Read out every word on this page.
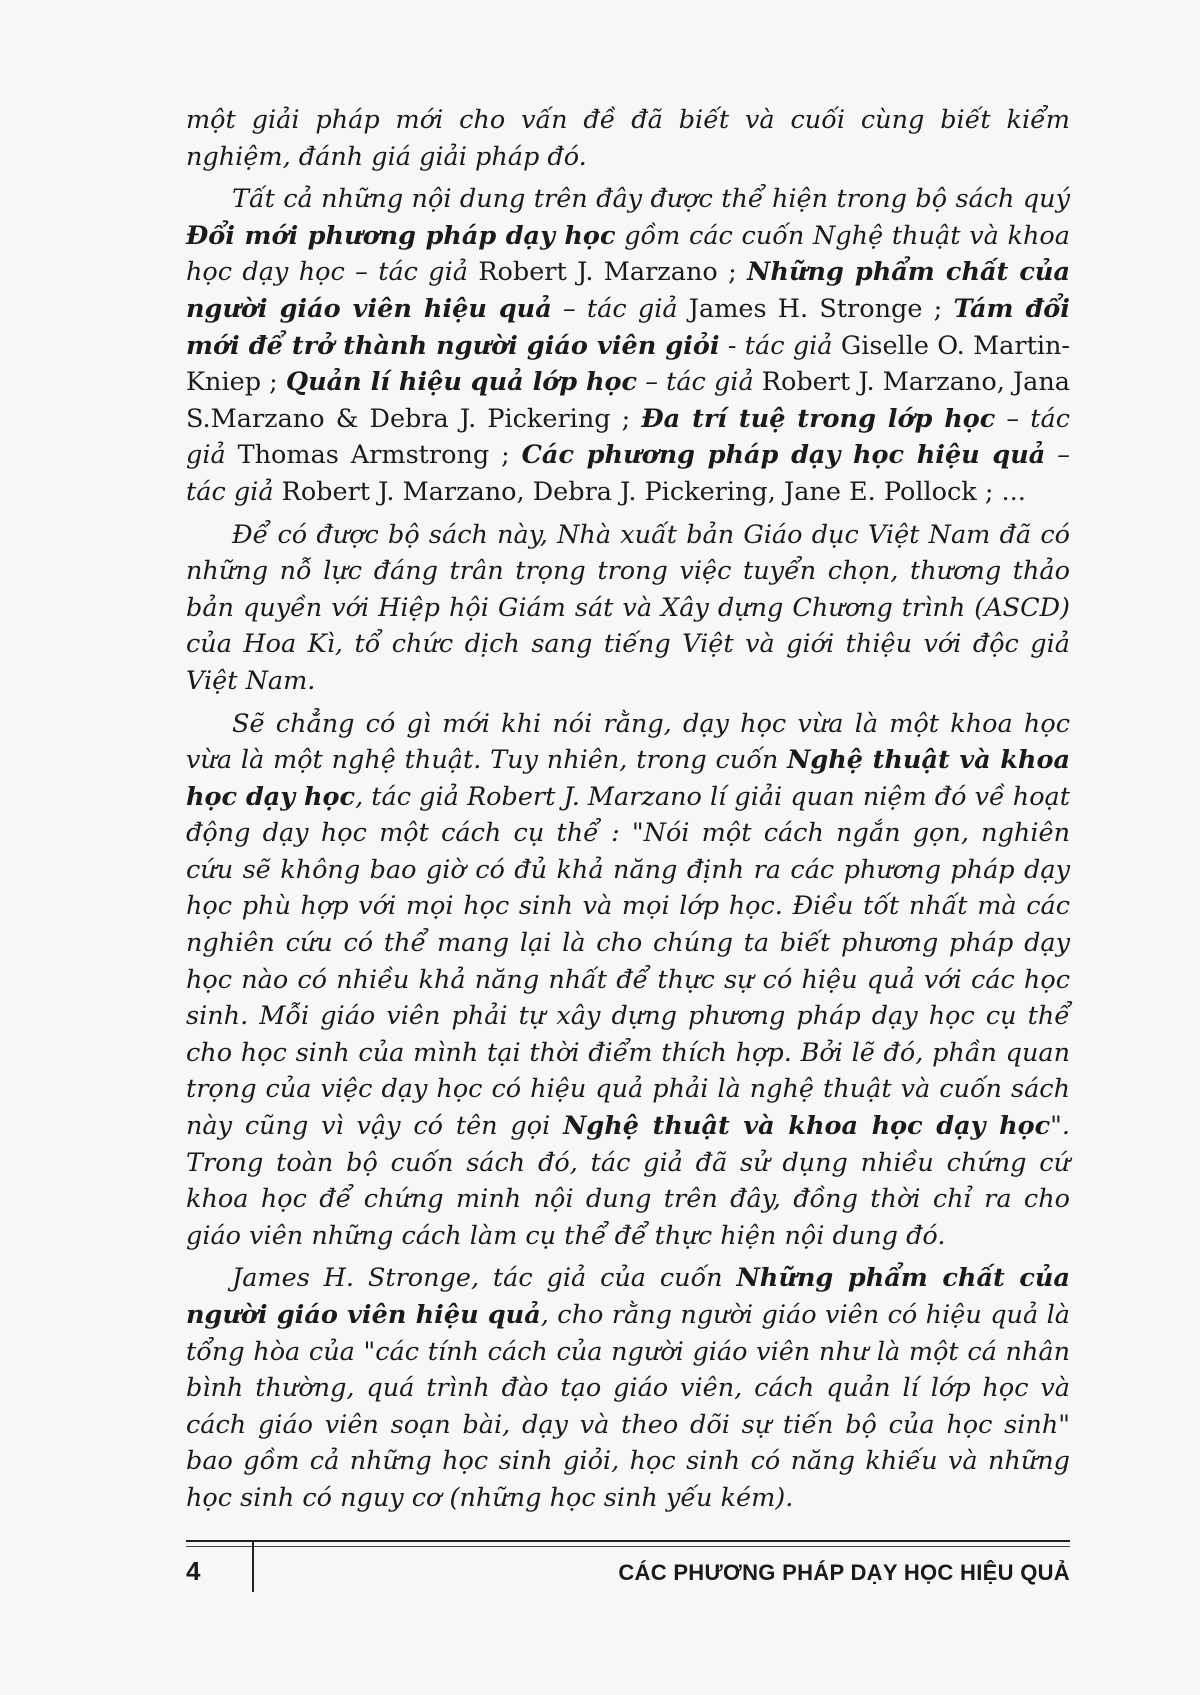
một giải pháp mới cho vấn đề đã biết và cuối cùng biết kiểm nghiệm, đánh giá giải pháp đó.

Tất cả những nội dung trên đây được thể hiện trong bộ sách quý Đổi mới phương pháp dạy học gồm các cuốn Nghệ thuật và khoa học dạy học – tác giả Robert J. Marzano ; Những phẩm chất của người giáo viên hiệu quả – tác giả James H. Stronge ; Tám đổi mới để trở thành người giáo viên giỏi - tác giả Giselle O. Martin-Kniep ; Quản lí hiệu quả lớp học – tác giả Robert J. Marzano, Jana S.Marzano & Debra J. Pickering ; Đa trí tuệ trong lớp học – tác giả Thomas Armstrong ; Các phương pháp dạy học hiệu quả – tác giả Robert J. Marzano, Debra J. Pickering, Jane E. Pollock ; ...

Để có được bộ sách này, Nhà xuất bản Giáo dục Việt Nam đã có những nỗ lực đáng trân trọng trong việc tuyển chọn, thương thảo bản quyền với Hiệp hội Giám sát và Xây dựng Chương trình (ASCD) của Hoa Kì, tổ chức dịch sang tiếng Việt và giới thiệu với độc giả Việt Nam.

Sẽ chẳng có gì mới khi nói rằng, dạy học vừa là một khoa học vừa là một nghệ thuật. Tuy nhiên, trong cuốn Nghệ thuật và khoa học dạy học, tác giả Robert J. Marzano lí giải quan niệm đó về hoạt động dạy học một cách cụ thể : "Nói một cách ngắn gọn, nghiên cứu sẽ không bao giờ có đủ khả năng định ra các phương pháp dạy học phù hợp với mọi học sinh và mọi lớp học. Điều tốt nhất mà các nghiên cứu có thể mang lại là cho chúng ta biết phương pháp dạy học nào có nhiều khả năng nhất để thực sự có hiệu quả với các học sinh. Mỗi giáo viên phải tự xây dựng phương pháp dạy học cụ thể cho học sinh của mình tại thời điểm thích hợp. Bởi lẽ đó, phần quan trọng của việc dạy học có hiệu quả phải là nghệ thuật và cuốn sách này cũng vì vậy có tên gọi Nghệ thuật và khoa học dạy học". Trong toàn bộ cuốn sách đó, tác giả đã sử dụng nhiều chứng cứ khoa học để chứng minh nội dung trên đây, đồng thời chỉ ra cho giáo viên những cách làm cụ thể để thực hiện nội dung đó.

James H. Stronge, tác giả của cuốn Những phẩm chất của người giáo viên hiệu quả, cho rằng người giáo viên có hiệu quả là tổng hòa của "các tính cách của người giáo viên như là một cá nhân bình thường, quá trình đào tạo giáo viên, cách quản lí lớp học và cách giáo viên soạn bài, dạy và theo dõi sự tiến bộ của học sinh" bao gồm cả những học sinh giỏi, học sinh có năng khiếu và những học sinh có nguy cơ (những học sinh yếu kém).

4	CÁC PHƯƠNG PHÁP DẠY HỌC HIỆU QUẢ
